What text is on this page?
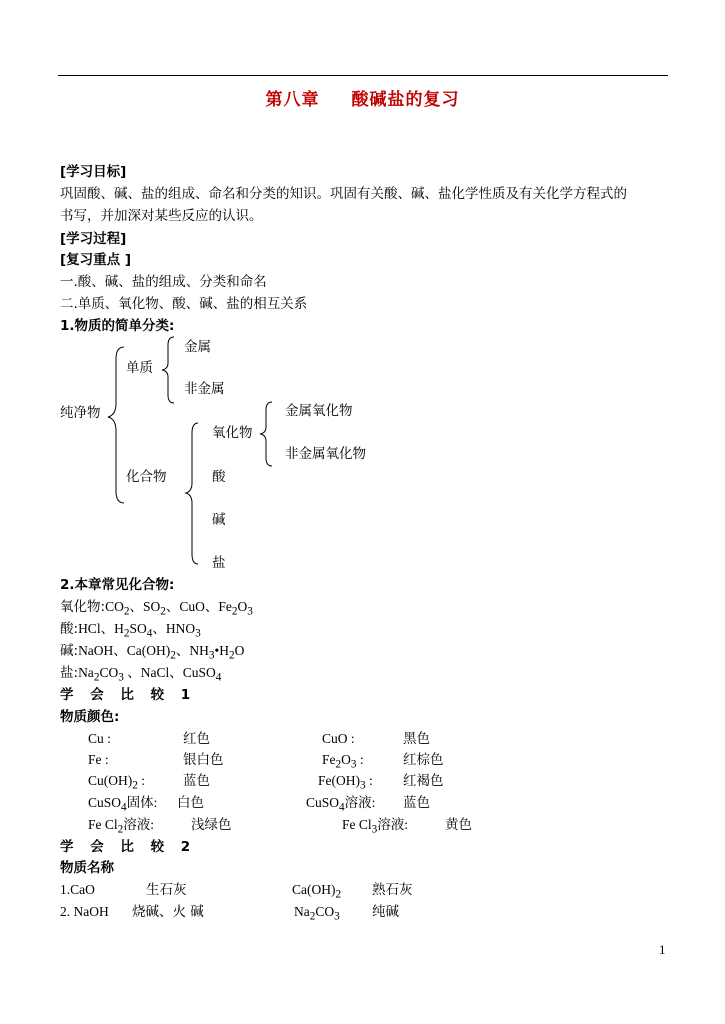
第八章 酸碱盐的复习
[学习目标]
巩固酸、碱、盐的组成、命名和分类的知识。巩固有关酸、碱、盐化学性质及有关化学方程式的
书写，并加深对某些反应的认识。
[学习过程]
[复习重点 ]
一.酸、碱、盐的组成、分类和命名
二.单质、氧化物、酸、碱、盐的相互关系
1.物质的简单分类:
纯净物
单质
金属
非金属
化合物
氧化物
金属氧化物
非金属氧化物
酸
碱
盐
2.本章常见化合物:
氧化物$:CO_2$、$SO_2$、CuO、$Fe_2O_3$
酸:HCl、$H_2SO_4$、$HNO_3$
碱:NaOH、$Ca(OH)_2$、$NH_3•H_2O$
盐$:Na_2CO_3$ 、NaCl、CuSO$_4$
学 会 比 较 1
物质颜色:
Cu :	红色	CuO :	黑色
Fe :	银白色	$Fe_2O_3$ :	红棕色
$Cu(OH)_2$ :	蓝色	$Fe(OH)_3$ : 红褐色
CuSO$_4$固体: 白色	CuSO$_4$溶液: 蓝色
Fe $Cl_2$溶液:	浅绿色	Fe $Cl_3$溶液:	黄色
学 会 比 较 2
物质名称
1.CaO	生石灰	$Ca(OH)_2$ 熟石灰
2. NaOH 烧碱、火 碱	$Na_2CO_3$ 纯碱
1
